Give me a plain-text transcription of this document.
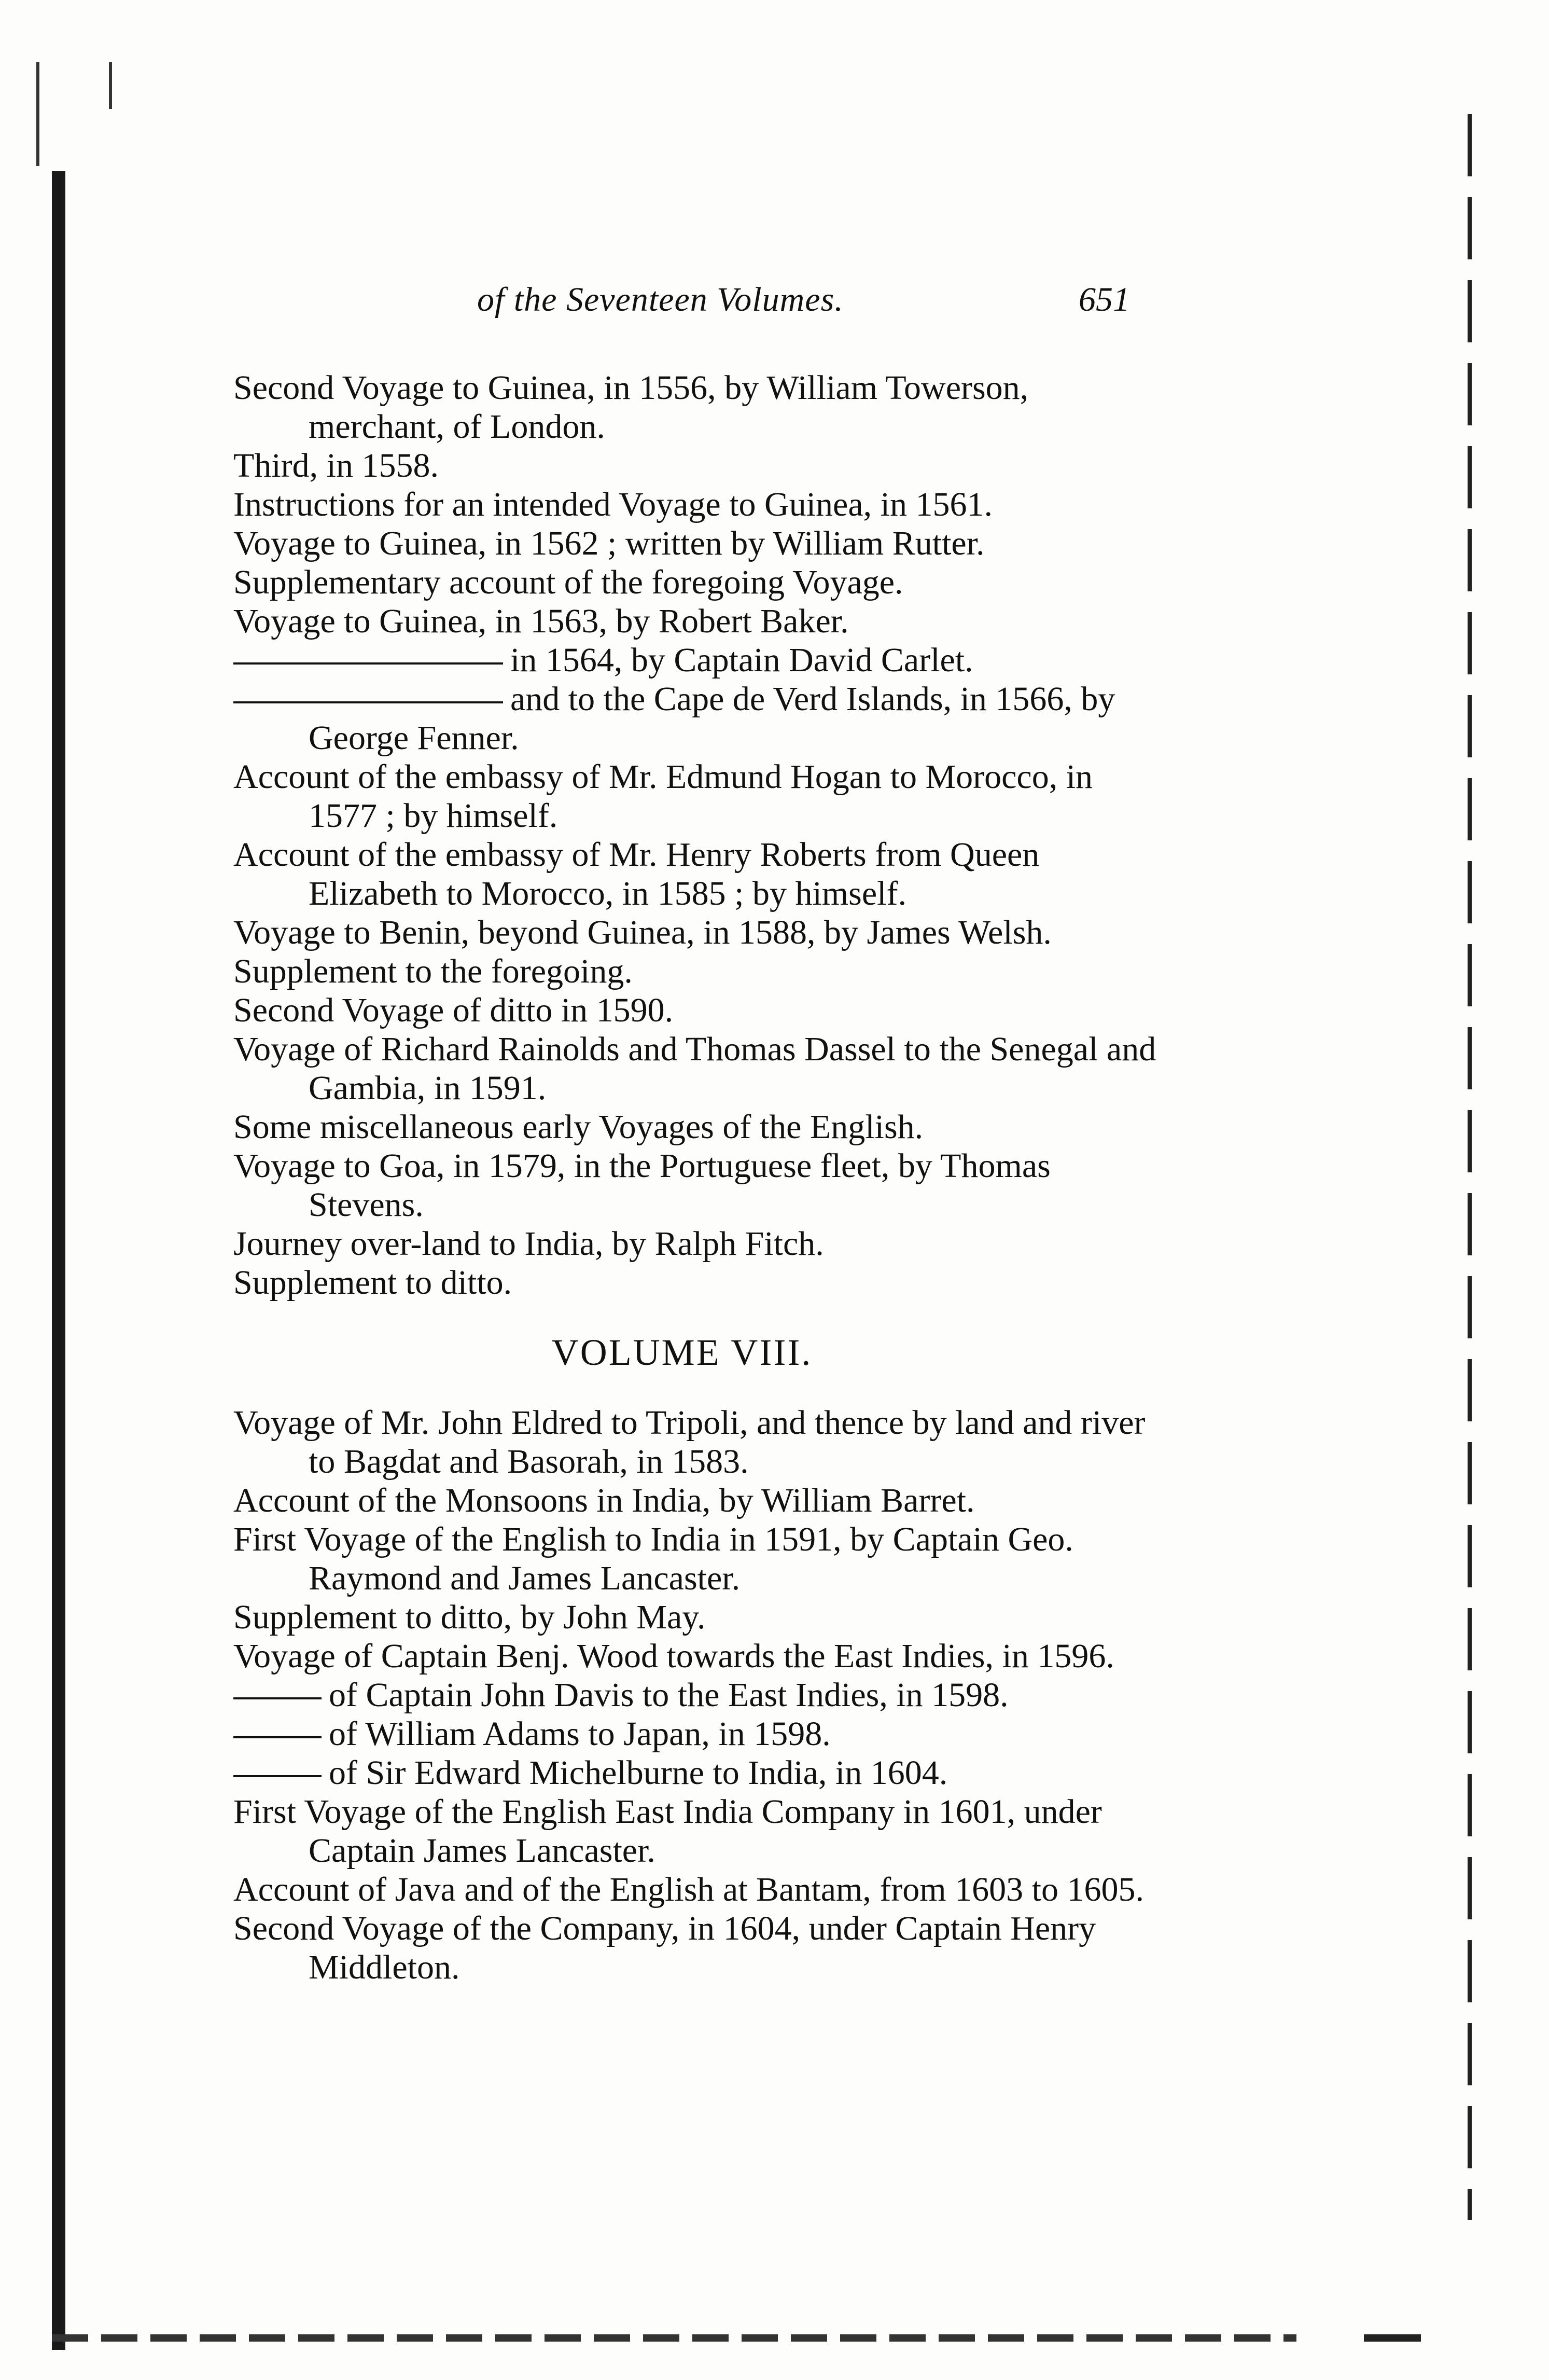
of the Seventeen Volumes.	651

Second Voyage to Guinea, in 1556, by William Towerson, merchant, of London.

Third, in 1558.

Instructions for an intended Voyage to Guinea, in 1561.

Voyage to Guinea, in 1562 ; written by William Rutter.

Supplementary account of the foregoing Voyage.

Voyage to Guinea, in 1563, by Robert Baker.

in 1564, by Captain David Carlet.

and to the Cape de Verd Islands, in 1566, by George Fenner.

Account of the embassy of Mr. Edmund Hogan to Morocco, in 1577 ; by himself.

Account of the embassy of Mr. Henry Roberts from Queen Elizabeth to Morocco, in 1585 ; by himself.

Voyage to Benin, beyond Guinea, in 1588, by James Welsh.

Supplement to the foregoing.

Second Voyage of ditto in 1590.

Voyage of Richard Rainolds and Thomas Dassel to the Senegal and Gambia, in 1591.

Some miscellaneous early Voyages of the English.

Voyage to Goa, in 1579, in the Portuguese fleet, by Thomas Stevens.

Journey over-land to India, by Ralph Fitch.

Supplement to ditto.

VOLUME VIII.

Voyage of Mr. John Eldred to Tripoli, and thence by land and river to Bagdat and Basorah, in 1583.

Account of the Monsoons in India, by William Barret.

First Voyage of the English to India in 1591, by Captain Geo. Raymond and James Lancaster.

Supplement to ditto, by John May.

Voyage of Captain Benj. Wood towards the East Indies, in 1596.

of Captain John Davis to the East Indies, in 1598.

of William Adams to Japan, in 1598.

of Sir Edward Michelburne to India, in 1604.

First Voyage of the English East India Company in 1601, under Captain James Lancaster.

Account of Java and of the English at Bantam, from 1603 to 1605.

Second Voyage of the Company, in 1604, under Captain Henry Middleton.
